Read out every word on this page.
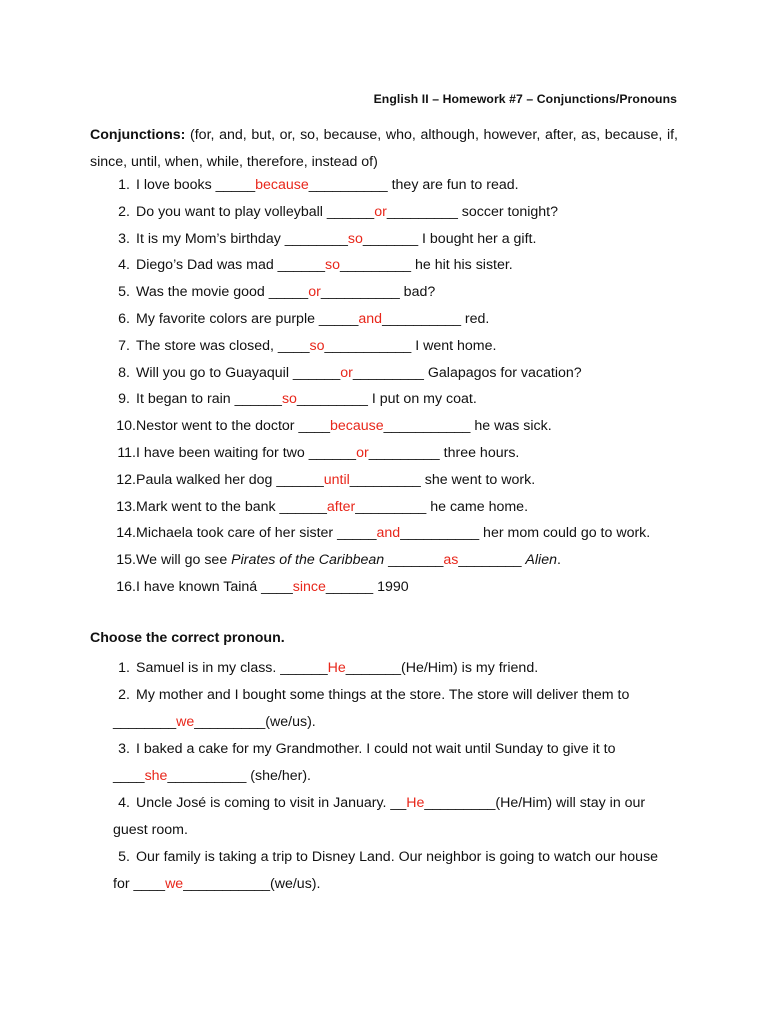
English II – Homework #7 – Conjunctions/Pronouns
Conjunctions: (for, and, but, or, so, because, who, although, however, after, as, because, if, since, until, when, while, therefore, instead of)
1. I love books _____because__________ they are fun to read.
2. Do you want to play volleyball ______or_________ soccer tonight?
3. It is my Mom’s birthday ________so_______ I bought her a gift.
4. Diego’s Dad was mad ______so_________ he hit his sister.
5. Was the movie good _____or__________ bad?
6. My favorite colors are purple _____and__________ red.
7. The store was closed, ____so___________ I went home.
8. Will you go to Guayaquil ______or_________ Galapagos for vacation?
9. It began to rain ______so_________ I put on my coat.
10.Nestor went to the doctor ____because___________ he was sick.
11.I have been waiting for two ______or_________ three hours.
12.Paula walked her dog ______until_________ she went to work.
13.Mark went to the bank ______after_________ he came home.
14.Michaela took care of her sister _____and__________ her mom could go to work.
15.We will go see Pirates of the Caribbean _______as________ Alien.
16.I have known Tainá ____since______ 1990
Choose the correct pronoun.
1. Samuel is in my class. ______He_______(He/Him) is my friend.
2. My mother and I bought some things at the store. The store will deliver them to
________we_________(we/us).
3. I baked a cake for my Grandmother. I could not wait until Sunday to give it to
____she__________ (she/her).
4. Uncle José is coming to visit in January. __He_________(He/Him) will stay in our
guest room.
5. Our family is taking a trip to Disney Land. Our neighbor is going to watch our house
for ____we___________(we/us).
